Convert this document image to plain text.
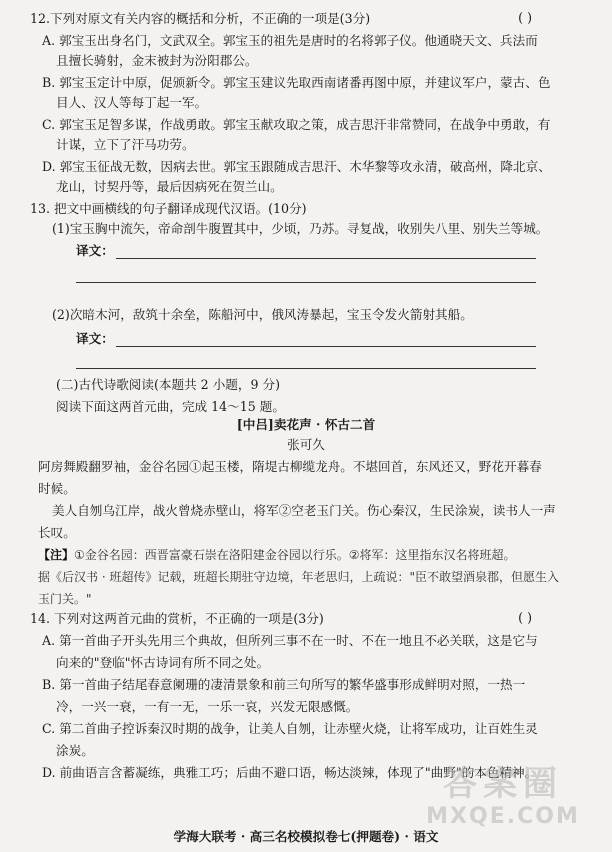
12.下列对原文有关内容的概括和分析，不正确的一项是(3分)	( )
A. 郭宝玉出身名门，文武双全。郭宝玉的祖先是唐时的名将郭子仪。他通晓天文、兵法而
且擅长骑射，金末被封为汾阳郡公。
B. 郭宝玉定计中原，促颁新令。郭宝玉建议先取西南诸番再图中原，并建议军户，蒙古、色
目人、汉人等每丁起一军。
C. 郭宝玉足智多谋，作战勇敢。郭宝玉献攻取之策，成吉思汗非常赞同，在战争中勇敢，有
计谋，立下了汗马功劳。
D. 郭宝玉征战无数，因病去世。郭宝玉跟随成吉思汗、木华黎等攻永清，破高州，降北京、
龙山，讨契丹等，最后因病死在贺兰山。
13. 把文中画横线的句子翻译成现代汉语。(10分)
(1)宝玉胸中流矢，帝命剖牛腹置其中，少顷，乃苏。寻复战，收别失八里、别失兰等城。
译文：
(2)次暗木河，敌筑十余垒，陈船河中，俄风涛暴起，宝玉令发火箭射其船。
译文：
(二)古代诗歌阅读(本题共 2 小题，9 分)
阅读下面这两首元曲，完成 14～15 题。
[中吕]卖花声 · 怀古二首
张可久
阿房舞殿翻罗袖，金谷名园①起玉楼，隋堤古柳缆龙舟。不堪回首，东风还又，野花开暮春
时候。
美人自刎乌江岸，战火曾烧赤壁山，将军②空老玉门关。伤心秦汉，生民涂炭，读书人一声
长叹。
【注】①金谷名园：西晋富豪石崇在洛阳建金谷园以行乐。②将军：这里指东汉名将班超。
据《后汉书 · 班超传》记载，班超长期驻守边境，年老思归，上疏说："臣不敢望酒泉郡，但愿生入
玉门关。"
14. 下列对这两首元曲的赏析，不正确的一项是(3分)	( )
A. 第一首曲子开头先用三个典故，但所列三事不在一时、不在一地且不必关联，这是它与
向来的"登临"怀古诗词有所不同之处。
B. 第一首曲子结尾春意阑珊的凄清景象和前三句所写的繁华盛事形成鲜明对照，一热一
冷，一兴一衰，一有一无，一乐一哀，兴发无限感慨。
C. 第二首曲子控诉秦汉时期的战争，让美人自刎，让赤壁火烧，让将军成功，让百姓生灵
涂炭。
D. 前曲语言含蓄凝练，典雅工巧；后曲不避口语，畅达淡辣，体现了"曲野"的本色精神。
学海大联考 · 高三名校模拟卷七(押题卷) · 语文
答案圈
MXQE.COM
